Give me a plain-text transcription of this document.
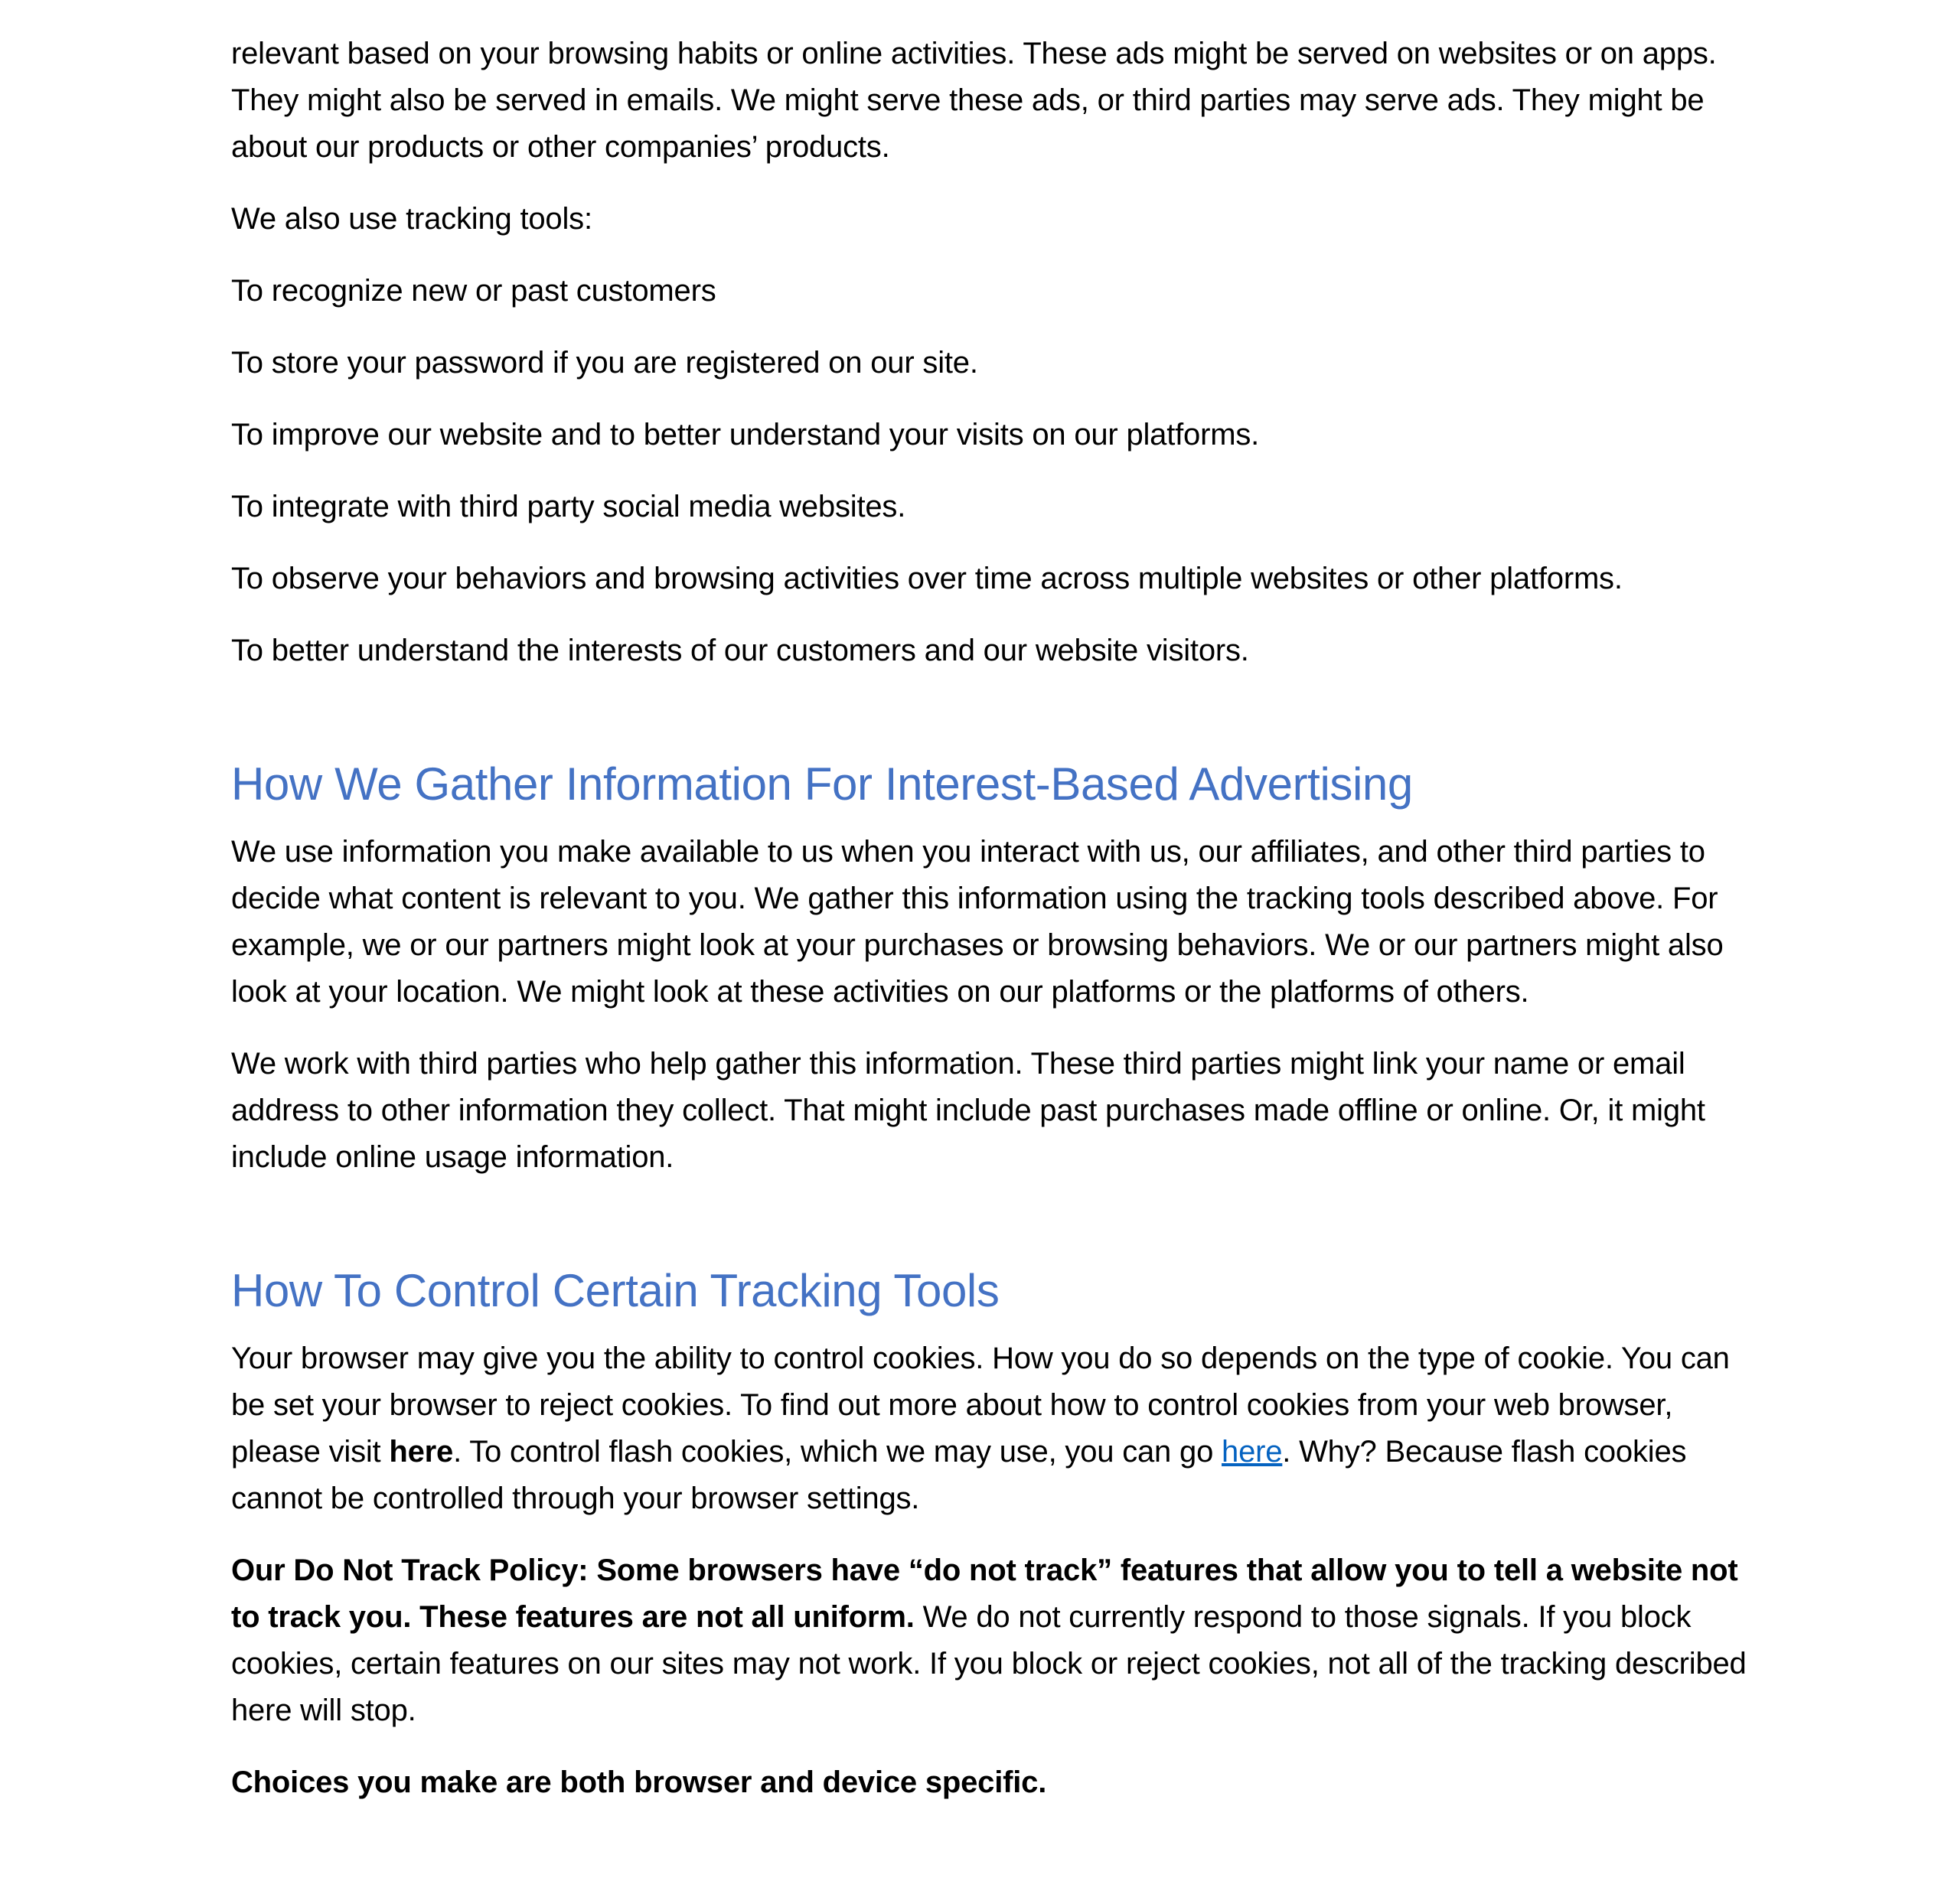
relevant based on your browsing habits or online activities. These ads might be served on websites or on apps. They might also be served in emails. We might serve these ads, or third parties may serve ads. They might be about our products or other companies’ products.

We also use tracking tools:

To recognize new or past customers

To store your password if you are registered on our site.

To improve our website and to better understand your visits on our platforms.

To integrate with third party social media websites.

To observe your behaviors and browsing activities over time across multiple websites or other platforms.

To better understand the interests of our customers and our website visitors.

How We Gather Information For Interest-Based Advertising

We use information you make available to us when you interact with us, our affiliates, and other third parties to decide what content is relevant to you. We gather this information using the tracking tools described above. For example, we or our partners might look at your purchases or browsing behaviors. We or our partners might also look at your location. We might look at these activities on our platforms or the platforms of others.

We work with third parties who help gather this information. These third parties might link your name or email address to other information they collect. That might include past purchases made offline or online. Or, it might include online usage information.

How To Control Certain Tracking Tools

Your browser may give you the ability to control cookies. How you do so depends on the type of cookie. You can be set your browser to reject cookies. To find out more about how to control cookies from your web browser, please visit here. To control flash cookies, which we may use, you can go here. Why? Because flash cookies cannot be controlled through your browser settings.

Our Do Not Track Policy: Some browsers have “do not track” features that allow you to tell a website not to track you. These features are not all uniform. We do not currently respond to those signals. If you block cookies, certain features on our sites may not work. If you block or reject cookies, not all of the tracking described here will stop.

Choices you make are both browser and device specific.
